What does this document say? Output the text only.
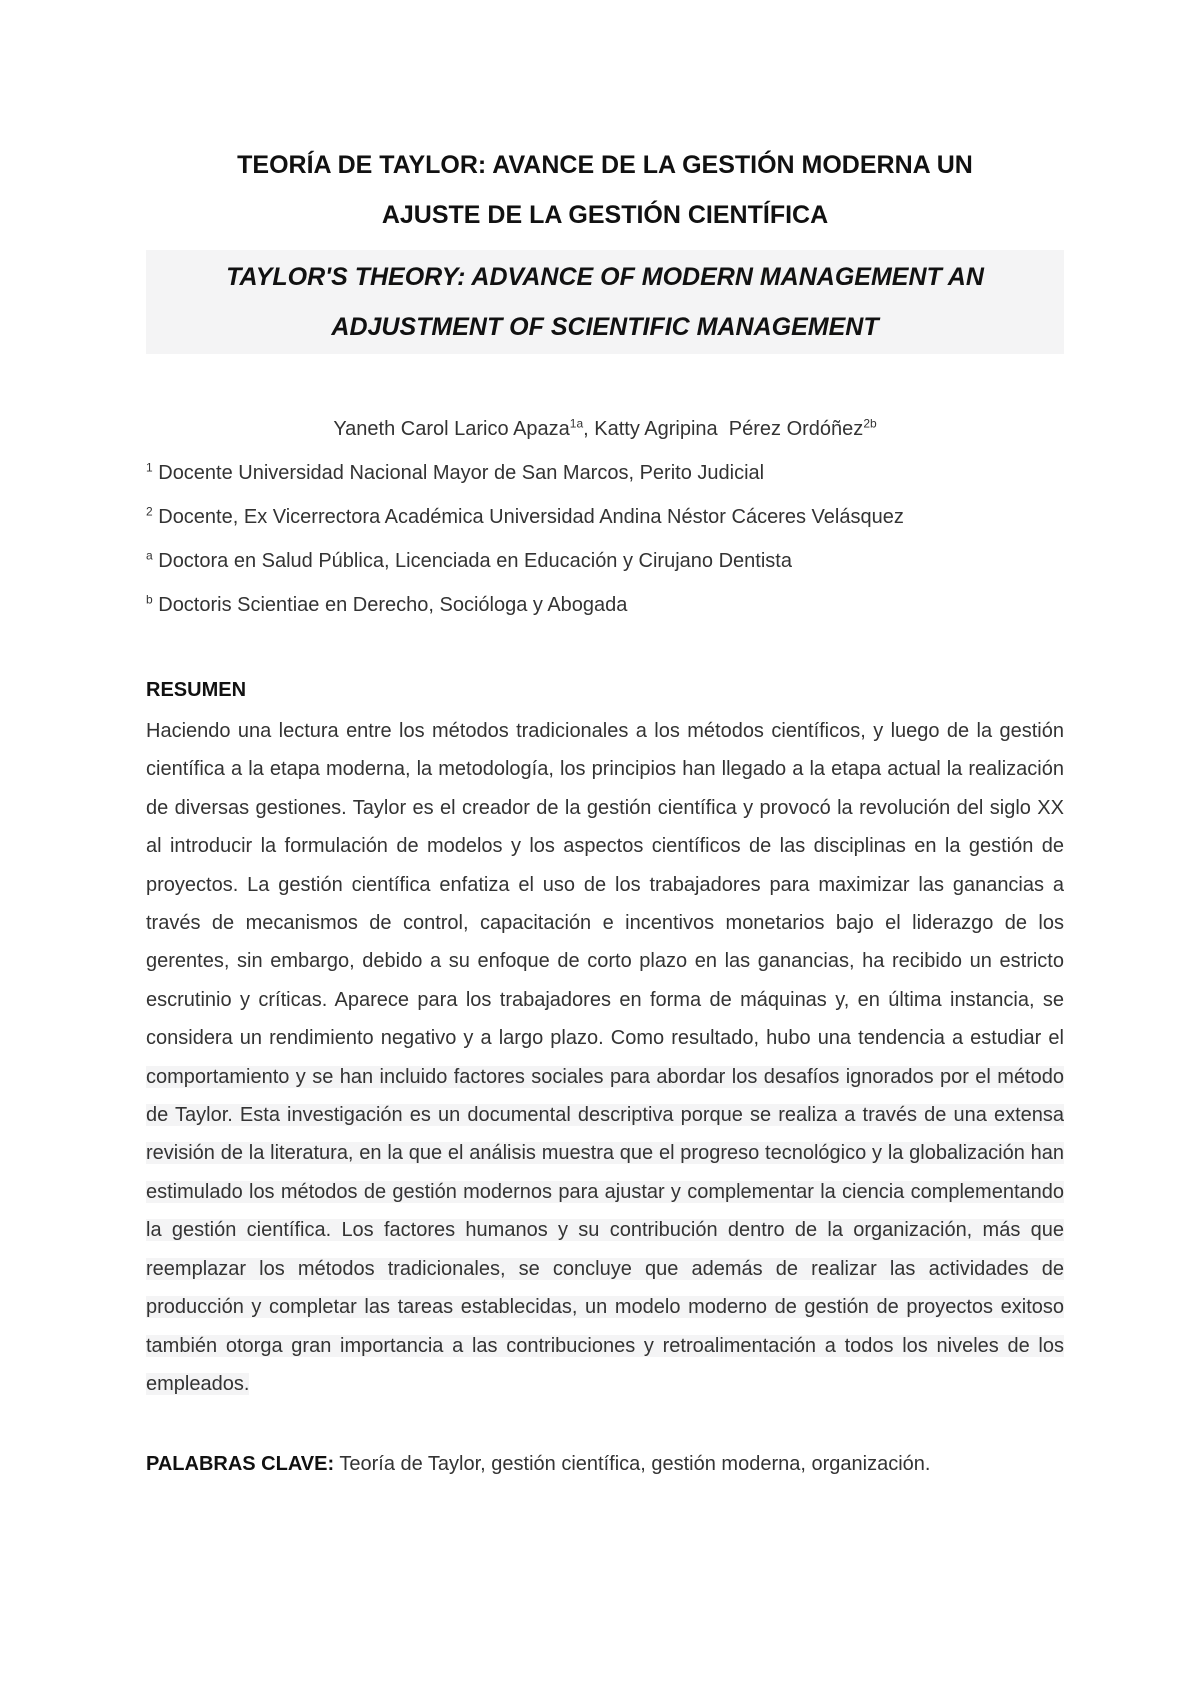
TEORÍA DE TAYLOR: AVANCE DE LA GESTIÓN MODERNA UN

AJUSTE DE LA GESTIÓN CIENTÍFICA

TAYLOR'S THEORY: ADVANCE OF MODERN MANAGEMENT AN
ADJUSTMENT OF SCIENTIFIC MANAGEMENT
Yaneth Carol Larico Apaza$^{1a}$, Katty Agripina  Pérez Ordóñez$^{2b}$

$^1$ Docente Universidad Nacional Mayor de San Marcos, Perito Judicial

$^2$ Docente, Ex Vicerrectora Académica Universidad Andina Néstor Cáceres Velásquez

$^a$ Doctora en Salud Pública, Licenciada en Educación y Cirujano Dentista

$^b$ Doctoris Scientiae en Derecho, Socióloga y Abogada

RESUMEN

Haciendo una lectura entre los métodos tradicionales a los métodos científicos, y luego de la gestión científica a la etapa moderna, la metodología, los principios han llegado a la etapa actual la realización de diversas gestiones. Taylor es el creador de la gestión científica y provocó la revolución del siglo XX al introducir la formulación de modelos y los aspectos científicos de las disciplinas en la gestión de proyectos. La gestión científica enfatiza el uso de los trabajadores para maximizar las ganancias a través de mecanismos de control, capacitación e incentivos monetarios bajo el liderazgo de los gerentes, sin embargo, debido a su enfoque de corto plazo en las ganancias, ha recibido un estricto escrutinio y críticas. Aparece para los trabajadores en forma de máquinas y, en última instancia, se considera un rendimiento negativo y a largo plazo. Como resultado, hubo una tendencia a estudiar el comportamiento y se han incluido factores sociales para abordar los desafíos ignorados por el método de Taylor. Esta investigación es un documental descriptiva porque se realiza a través de una extensa revisión de la literatura, en la que el análisis muestra que el progreso tecnológico y la globalización han estimulado los métodos de gestión modernos para ajustar y complementar la ciencia complementando la gestión científica. Los factores humanos y su contribución dentro de la organización, más que reemplazar los métodos tradicionales, se concluye que además de realizar las actividades de producción y completar las tareas establecidas, un modelo moderno de gestión de proyectos exitoso también otorga gran importancia a las contribuciones y retroalimentación a todos los niveles de los empleados.

PALABRAS CLAVE: Teoría de Taylor, gestión científica, gestión moderna, organización.
